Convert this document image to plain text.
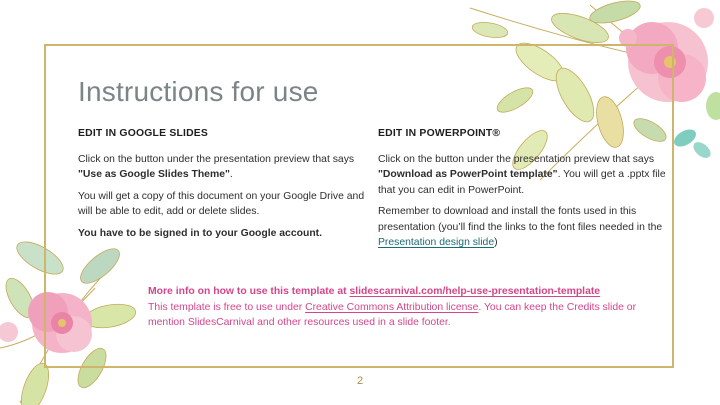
Instructions for use
EDIT IN GOOGLE SLIDES

Click on the button under the presentation preview that says "Use as Google Slides Theme".

You will get a copy of this document on your Google Drive and will be able to edit, add or delete slides.

You have to be signed in to your Google account.

EDIT IN POWERPOINT®

Click on the button under the presentation preview that says "Download as PowerPoint template". You will get a .pptx file that you can edit in PowerPoint.

Remember to download and install the fonts used in this presentation (you’ll find the links to the font files needed in the Presentation design slide)

More info on how to use this template at slidescarnival.com/help-use-presentation-template

This template is free to use under Creative Commons Attribution license. You can keep the Credits slide or mention SlidesCarnival and other resources used in a slide footer.

2
